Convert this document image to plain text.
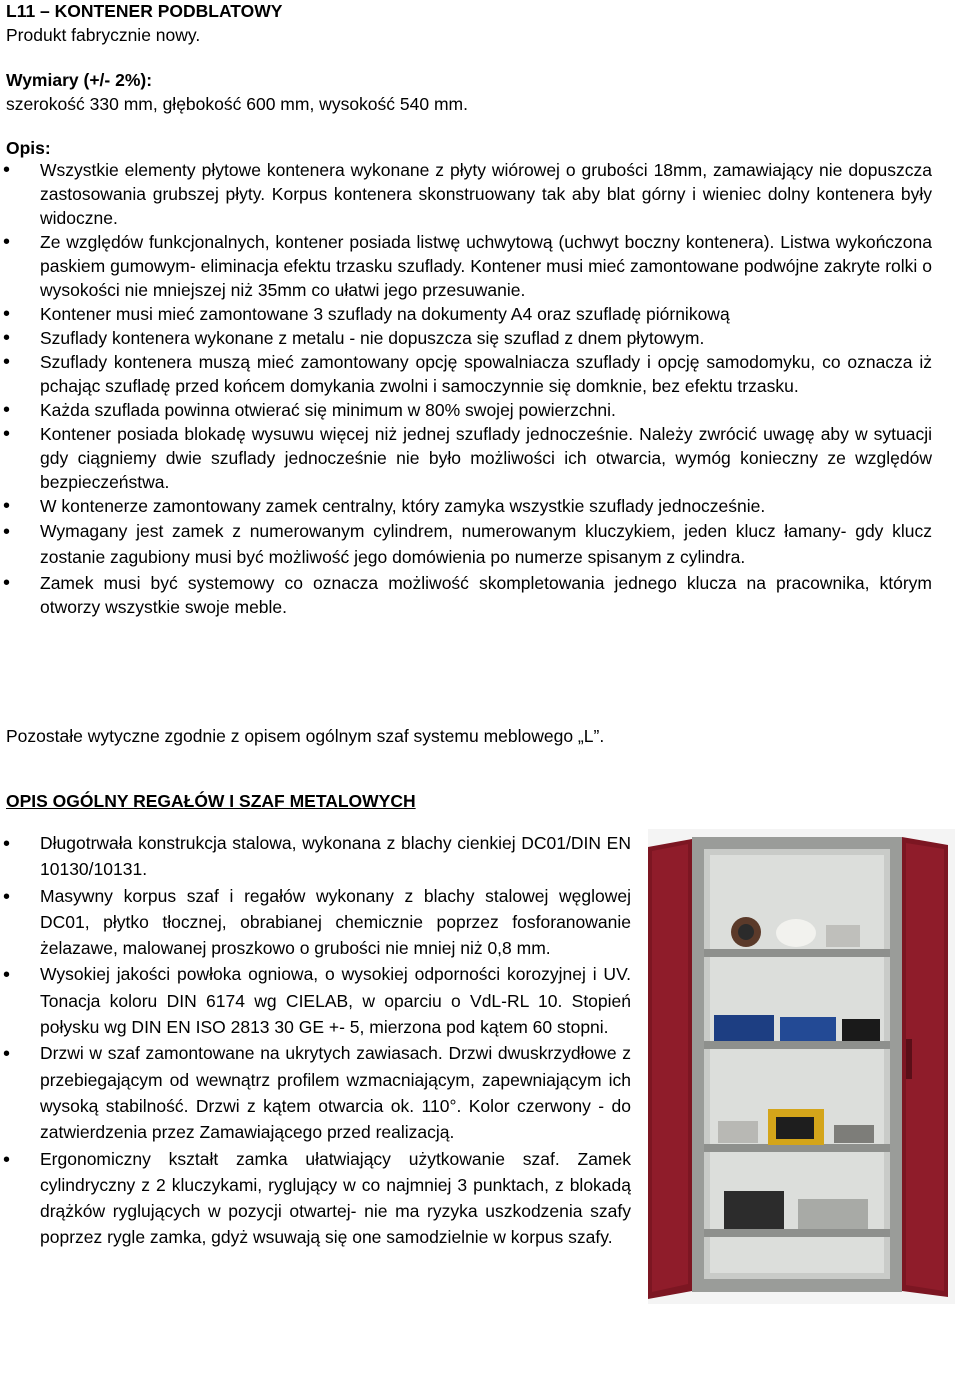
L11 – KONTENER PODBLATOWY
Produkt fabrycznie nowy.
Wymiary (+/- 2%):
szerokość 330 mm, głębokość 600 mm, wysokość 540 mm.
Opis:
• Wszystkie elementy płytowe kontenera wykonane z płyty wiórowej o grubości 18mm, zamawiający nie dopuszcza zastosowania grubszej płyty. Korpus kontenera skonstruowany tak aby blat górny i wieniec dolny kontenera były widoczne.
• Ze względów funkcjonalnych, kontener posiada listwę uchwytową (uchwyt boczny kontenera). Listwa wykończona paskiem gumowym- eliminacja efektu trzasku szuflady. Kontener musi mieć zamontowane podwójne zakryte rolki o wysokości nie mniejszej niż 35mm co ułatwi jego przesuwanie.
• Kontener musi mieć zamontowane 3 szuflady na dokumenty A4 oraz szufladę piórnikową
• Szuflady kontenera wykonane z metalu - nie dopuszcza się szuflad z dnem płytowym.
• Szuflady kontenera muszą mieć zamontowany opcję spowalniacza szuflady i opcję samodomyku, co oznacza iż pchając szufladę przed końcem domykania zwolni i samoczynnie się domknie, bez efektu trzasku.
• Każda szuflada powinna otwierać się minimum w 80% swojej powierzchni.
• Kontener posiada blokadę wysuwu więcej niż jednej szuflady jednocześnie. Należy zwrócić uwagę aby w sytuacji gdy ciągniemy dwie szuflady jednocześnie nie było możliwości ich otwarcia, wymóg konieczny ze względów bezpieczeństwa.
• W kontenerze zamontowany zamek centralny, który zamyka wszystkie szuflady jednocześnie.
• Wymagany jest zamek z numerowanym cylindrem, numerowanym kluczykiem, jeden klucz łamany- gdy klucz zostanie zagubiony musi być możliwość jego domówienia po numerze spisanym z cylindra.
• Zamek musi być systemowy co oznacza możliwość skompletowania jednego klucza na pracownika, którym otworzy wszystkie swoje meble.
Pozostałe wytyczne zgodnie z opisem ogólnym szaf systemu meblowego „L”.
OPIS OGÓLNY REGAŁÓW I SZAF METALOWYCH
• Długotrwała konstrukcja stalowa, wykonana z blachy cienkiej DC01/DIN EN 10130/10131.
• Masywny korpus szaf i regałów wykonany z blachy stalowej węglowej DC01, płytko tłocznej, obrabianej chemicznie poprzez fosforanowanie żelazawe, malowanej proszkowo o grubości nie mniej niż 0,8 mm.
• Wysokiej jakości powłoka ogniowa, o wysokiej odporności korozyjnej i UV. Tonacja koloru DIN 6174 wg CIELAB, w oparciu o VdL-RL 10. Stopień połysku wg DIN EN ISO 2813 30 GE +- 5, mierzona pod kątem 60 stopni.
• Drzwi w szaf zamontowane na ukrytych zawiasach. Drzwi dwuskrzydłowe z przebiegającym od wewnątrz profilem wzmacniającym, zapewniającym ich wysoką stabilność. Drzwi z kątem otwarcia ok. 110°. Kolor czerwony - do zatwierdzenia przez Zamawiającego przed realizacją.
• Ergonomiczny kształt zamka ułatwiający użytkowanie szaf. Zamek cylindryczny z 2 kluczykami, ryglujący w co najmniej 3 punktach, z blokadą drążków ryglujących w pozycji otwartej- nie ma ryzyka uszkodzenia szafy poprzez rygle zamka, gdyż wsuwają się one samodzielnie w korpus szafy.
